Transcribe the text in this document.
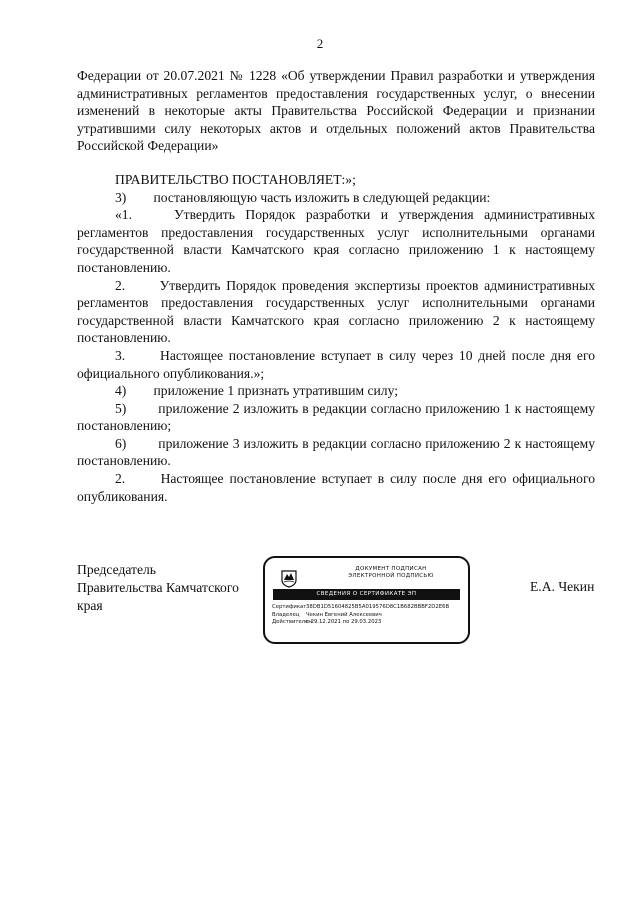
2

Федерации от 20.07.2021 № 1228 «Об утверждении Правил разработки и утверждения административных регламентов предоставления государственных услуг, о внесении изменений в некоторые акты Правительства Российской Федерации и признании утратившими силу некоторых актов и отдельных положений актов Правительства Российской Федерации»

ПРАВИТЕЛЬСТВО ПОСТАНОВЛЯЕТ:»;

3)        постановляющую часть изложить в следующей редакции:

«1.    Утвердить Порядок разработки и утверждения административных регламентов предоставления государственных услуг исполнительными органами государственной власти Камчатского края согласно приложению 1 к настоящему постановлению.

2.      Утвердить Порядок проведения экспертизы проектов административных регламентов предоставления государственных услуг исполнительными органами государственной власти Камчатского края согласно приложению 2 к настоящему постановлению.

3.      Настоящее постановление вступает в силу через 10 дней после дня его официального опубликования.»;

4)        приложение 1 признать утратившим силу;

5)        приложение 2 изложить в редакции согласно приложению 1 к настоящему постановлению;

6)        приложение 3 изложить в редакции согласно приложению 2 к настоящему постановлению.

2.      Настоящее постановление вступает в силу после дня его официального опубликования.

Председатель
Правительства Камчатского
края
ДОКУМЕНТ ПОДПИСАН
ЭЛЕКТРОННОЙ ПОДПИСЬЮ
СВЕДЕНИЯ О СЕРТИФИКАТЕ ЭП
Сертификат 38DB1D51604825B5A019576D8C1B682BBBF2D2E6B
Владелец	Чекин Евгений Алексеевич
Действителен
с 29.12.2021 по 29.03.2023
Е.А. Чекин
